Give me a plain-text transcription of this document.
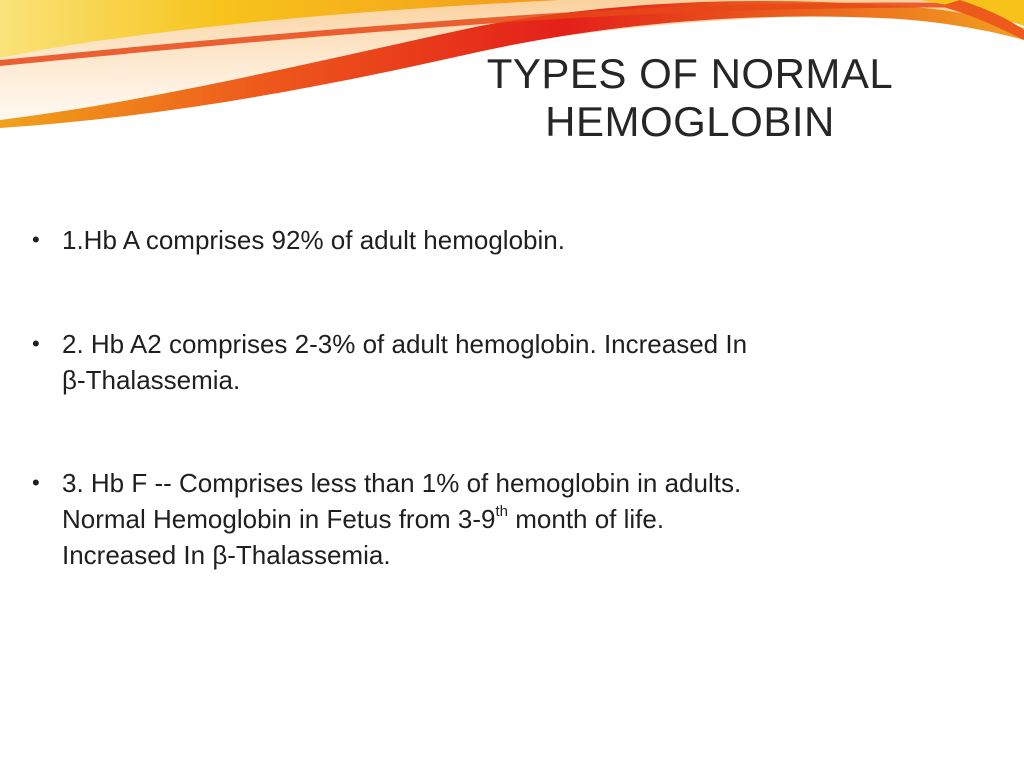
TYPES OF NORMAL
HEMOGLOBIN
• 1.Hb A comprises 92% of adult hemoglobin.
• 2. Hb A2 comprises 2-3% of adult hemoglobin. Increased In
β-Thalassemia.
• 3. Hb F -- Comprises less than 1% of hemoglobin in adults.
Normal Hemoglobin in Fetus from 3-9th month of life.
Increased In β-Thalassemia.
